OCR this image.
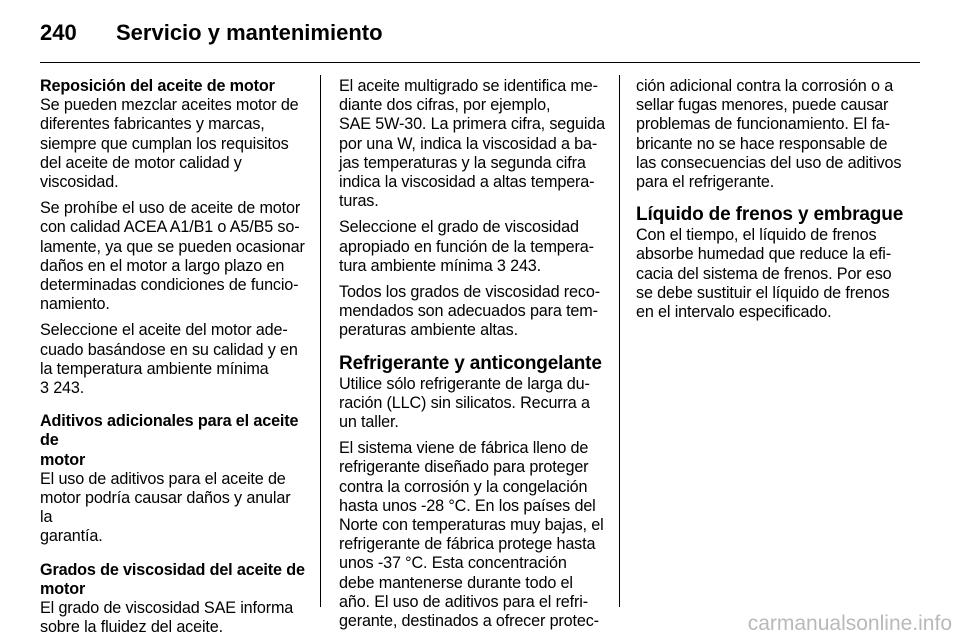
240 Servicio y mantenimiento
Reposición del aceite de motor

Se pueden mezclar aceites motor de
diferentes fabricantes y marcas,
siempre que cumplan los requisitos
del aceite de motor calidad y
viscosidad.

Se prohíbe el uso de aceite de motor
con calidad ACEA A1/B1 o A5/B5 so-
lamente, ya que se pueden ocasionar
daños en el motor a largo plazo en
determinadas condiciones de funcio-
namiento.

Seleccione el aceite del motor ade-
cuado basándose en su calidad y en
la temperatura ambiente mínima
3 243.

Aditivos adicionales para el aceite de
motor

El uso de aditivos para el aceite de
motor podría causar daños y anular la
garantía.

Grados de viscosidad del aceite de
motor

El grado de viscosidad SAE informa
sobre la fluidez del aceite.

El aceite multigrado se identifica me-
diante dos cifras, por ejemplo,
SAE 5W-30. La primera cifra, seguida
por una W, indica la viscosidad a ba-
jas temperaturas y la segunda cifra
indica la viscosidad a altas tempera-
turas.

Seleccione el grado de viscosidad
apropiado en función de la tempera-
tura ambiente mínima 3 243.

Todos los grados de viscosidad reco-
mendados son adecuados para tem-
peraturas ambiente altas.

Refrigerante y anticongelante

Utilice sólo refrigerante de larga du-
ración (LLC) sin silicatos. Recurra a
un taller.

El sistema viene de fábrica lleno de
refrigerante diseñado para proteger
contra la corrosión y la congelación
hasta unos -28 °C. En los países del
Norte con temperaturas muy bajas, el
refrigerante de fábrica protege hasta
unos -37 °C. Esta concentración
debe mantenerse durante todo el
año. El uso de aditivos para el refri-
gerante, destinados a ofrecer protec-

ción adicional contra la corrosión o a
sellar fugas menores, puede causar
problemas de funcionamiento. El fa-
bricante no se hace responsable de
las consecuencias del uso de aditivos
para el refrigerante.

Líquido de frenos y embrague

Con el tiempo, el líquido de frenos
absorbe humedad que reduce la efi-
cacia del sistema de frenos. Por eso
se debe sustituir el líquido de frenos
en el intervalo especificado.

carmanualsonline.info
